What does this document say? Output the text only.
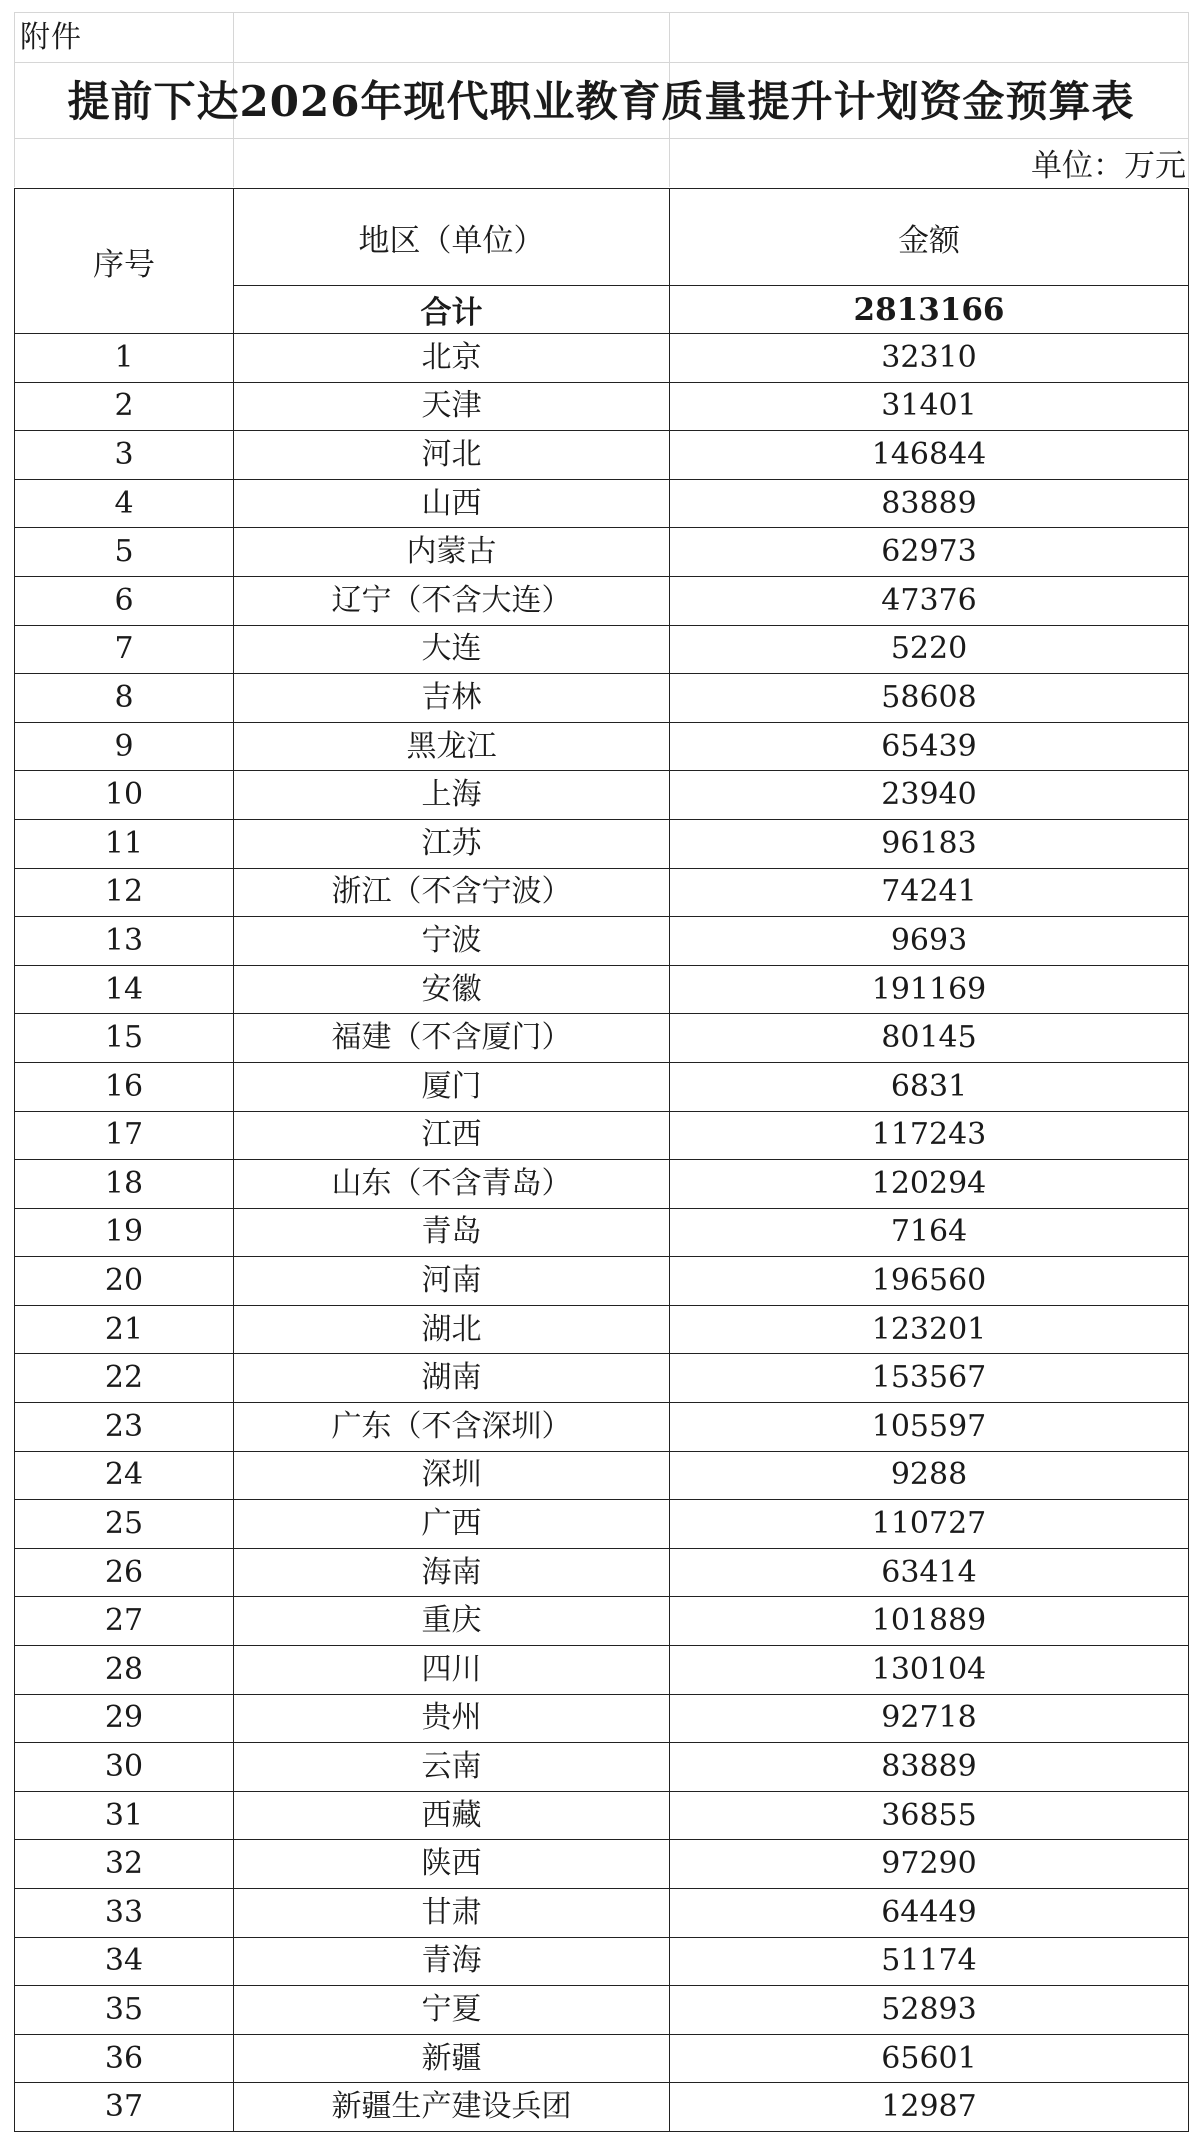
附件
提前下达2026年现代职业教育质量提升计划资金预算表
单位：万元
序号	地区（单位）	金额
	合计	2813166
1	北京	32310
2	天津	31401
3	河北	146844
4	山西	83889
5	内蒙古	62973
6	辽宁（不含大连）	47376
7	大连	5220
8	吉林	58608
9	黑龙江	65439
10	上海	23940
11	江苏	96183
12	浙江（不含宁波）	74241
13	宁波	9693
14	安徽	191169
15	福建（不含厦门）	80145
16	厦门	6831
17	江西	117243
18	山东（不含青岛）	120294
19	青岛	7164
20	河南	196560
21	湖北	123201
22	湖南	153567
23	广东（不含深圳）	105597
24	深圳	9288
25	广西	110727
26	海南	63414
27	重庆	101889
28	四川	130104
29	贵州	92718
30	云南	83889
31	西藏	36855
32	陕西	97290
33	甘肃	64449
34	青海	51174
35	宁夏	52893
36	新疆	65601
37	新疆生产建设兵团	12987
